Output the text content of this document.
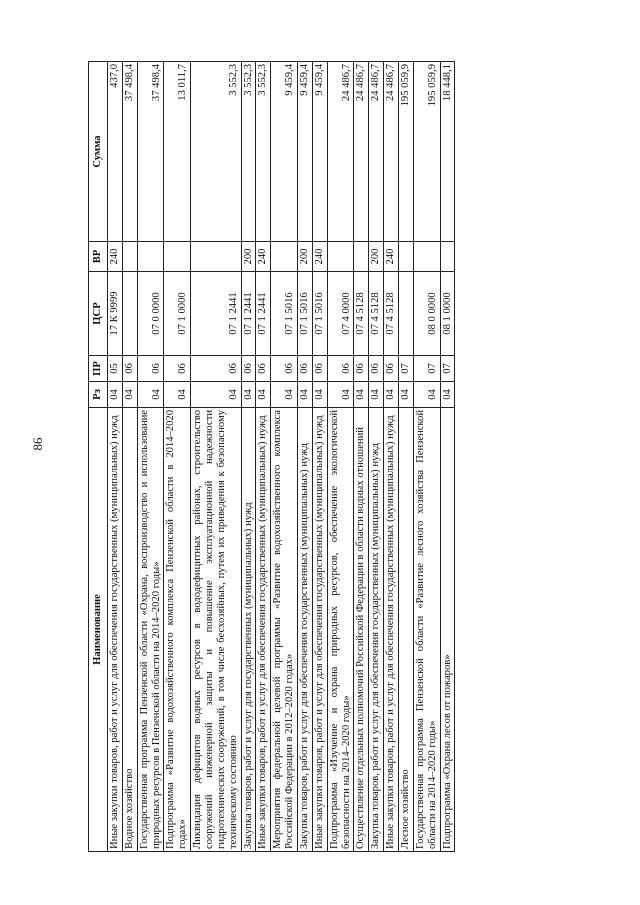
86
Наименование	Рз	ПР	ЦСР	ВР	Сумма
Иные закупки товаров, работ и услуг для обеспечения государственных (муниципальных) нужд	04	05	17 К 9999	240	437,0
Водное хозяйство	04	06			37 498,4
Государственная программа Пензенской области «Охрана, воспроизводство и использование природных ресурсов в Пензенской области на 2014–2020 годы»	04	06	07 0 0000		37 498,4
Подпрограмма «Развитие водохозяйственного комплекса Пензенской области в 2014–2020 годах»	04	06	07 1 0000		13 011,7
Ликвидация дефицитов водных ресурсов в вододефицитных районах, строительство сооружений инженерной защиты и повышение эксплуатационной надежности гидротехнических сооружений, в том числе бесхозяйных, путем их приведения к безопасному техническому состоянию	04	06	07 1 2441		3 552,3
Закупка товаров, работ и услуг для государственных (муниципальных) нужд	04	06	07 1 2441	200	3 552,3
Иные закупки товаров, работ и услуг для обеспечения государственных (муниципальных) нужд	04	06	07 1 2441	240	3 552,3
Мероприятия федеральной целевой программы «Развитие водохозяйственного комплекса Российской Федерации в 2012–2020 годах»	04	06	07 1 5016		9 459,4
Закупка товаров, работ и услуг для обеспечения государственных (муниципальных) нужд	04	06	07 1 5016	200	9 459,4
Иные закупки товаров, работ и услуг для обеспечения государственных (муниципальных) нужд	04	06	07 1 5016	240	9 459,4
Подпрограмма «Изучение и охрана природных ресурсов, обеспечение экологической безопасности на 2014–2020 годы»	04	06	07 4 0000		24 486,7
Осуществление отдельных полномочий Российской Федерации в области водных отношений	04	06	07 4 5128		24 486,7
Закупка товаров, работ и услуг для обеспечения государственных (муниципальных) нужд	04	06	07 4 5128	200	24 486,7
Иные закупки товаров, работ и услуг для обеспечения государственных (муниципальных) нужд	04	06	07 4 5128	240	24 486,7
Лесное хозяйство	04	07			195 059,9
Государственная программа Пензенской области «Развитие лесного хозяйства Пензенской области на 2014–2020 годы»	04	07	08 0 0000		195 059,9
Подпрограмма «Охрана лесов от пожаров»	04	07	08 1 0000		18 448,1
